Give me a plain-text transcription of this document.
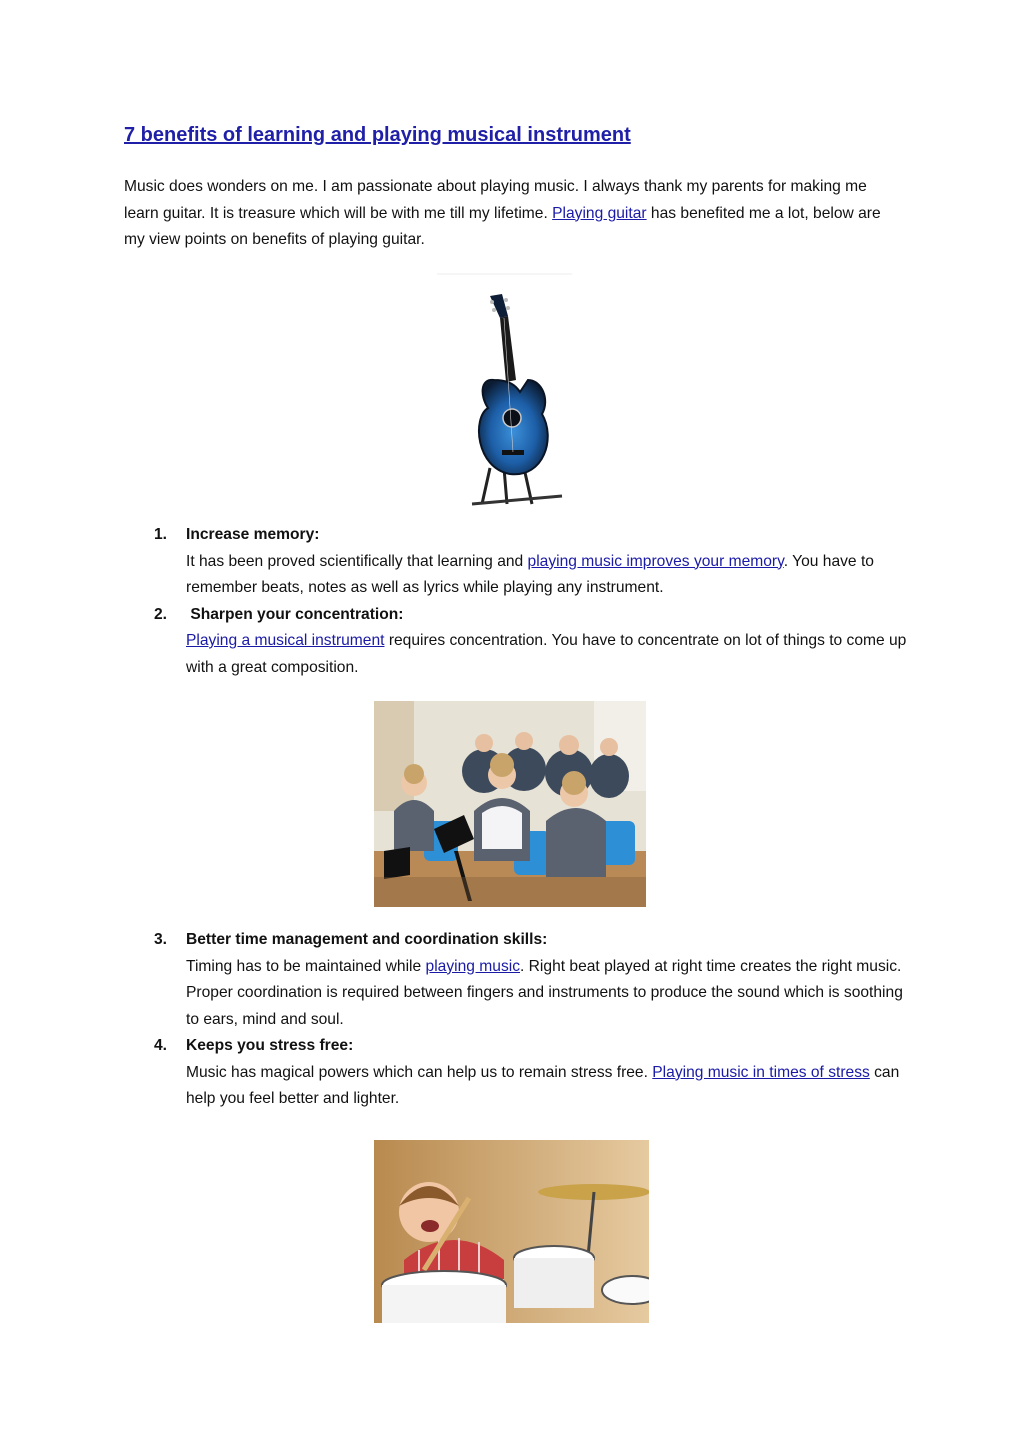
7 benefits of learning and playing musical instrument

Music does wonders on me. I am passionate about playing music. I always thank my parents for making me learn guitar. It is treasure which will be with me till my lifetime. Playing guitar has benefited me a lot, below are my view points on benefits of playing guitar.

1. Increase memory:
It has been proved scientifically that learning and playing music improves your memory. You have to remember beats, notes as well as lyrics while playing any instrument.
2. Sharpen your concentration:
Playing a musical instrument requires concentration. You have to concentrate on lot of things to come up with a great composition.
3. Better time management and coordination skills:
Timing has to be maintained while playing music. Right beat played at right time creates the right music. Proper coordination is required between fingers and instruments to produce the sound which is soothing to ears, mind and soul.
4. Keeps you stress free:
Music has magical powers which can help us to remain stress free. Playing music in times of stress can help you feel better and lighter.
